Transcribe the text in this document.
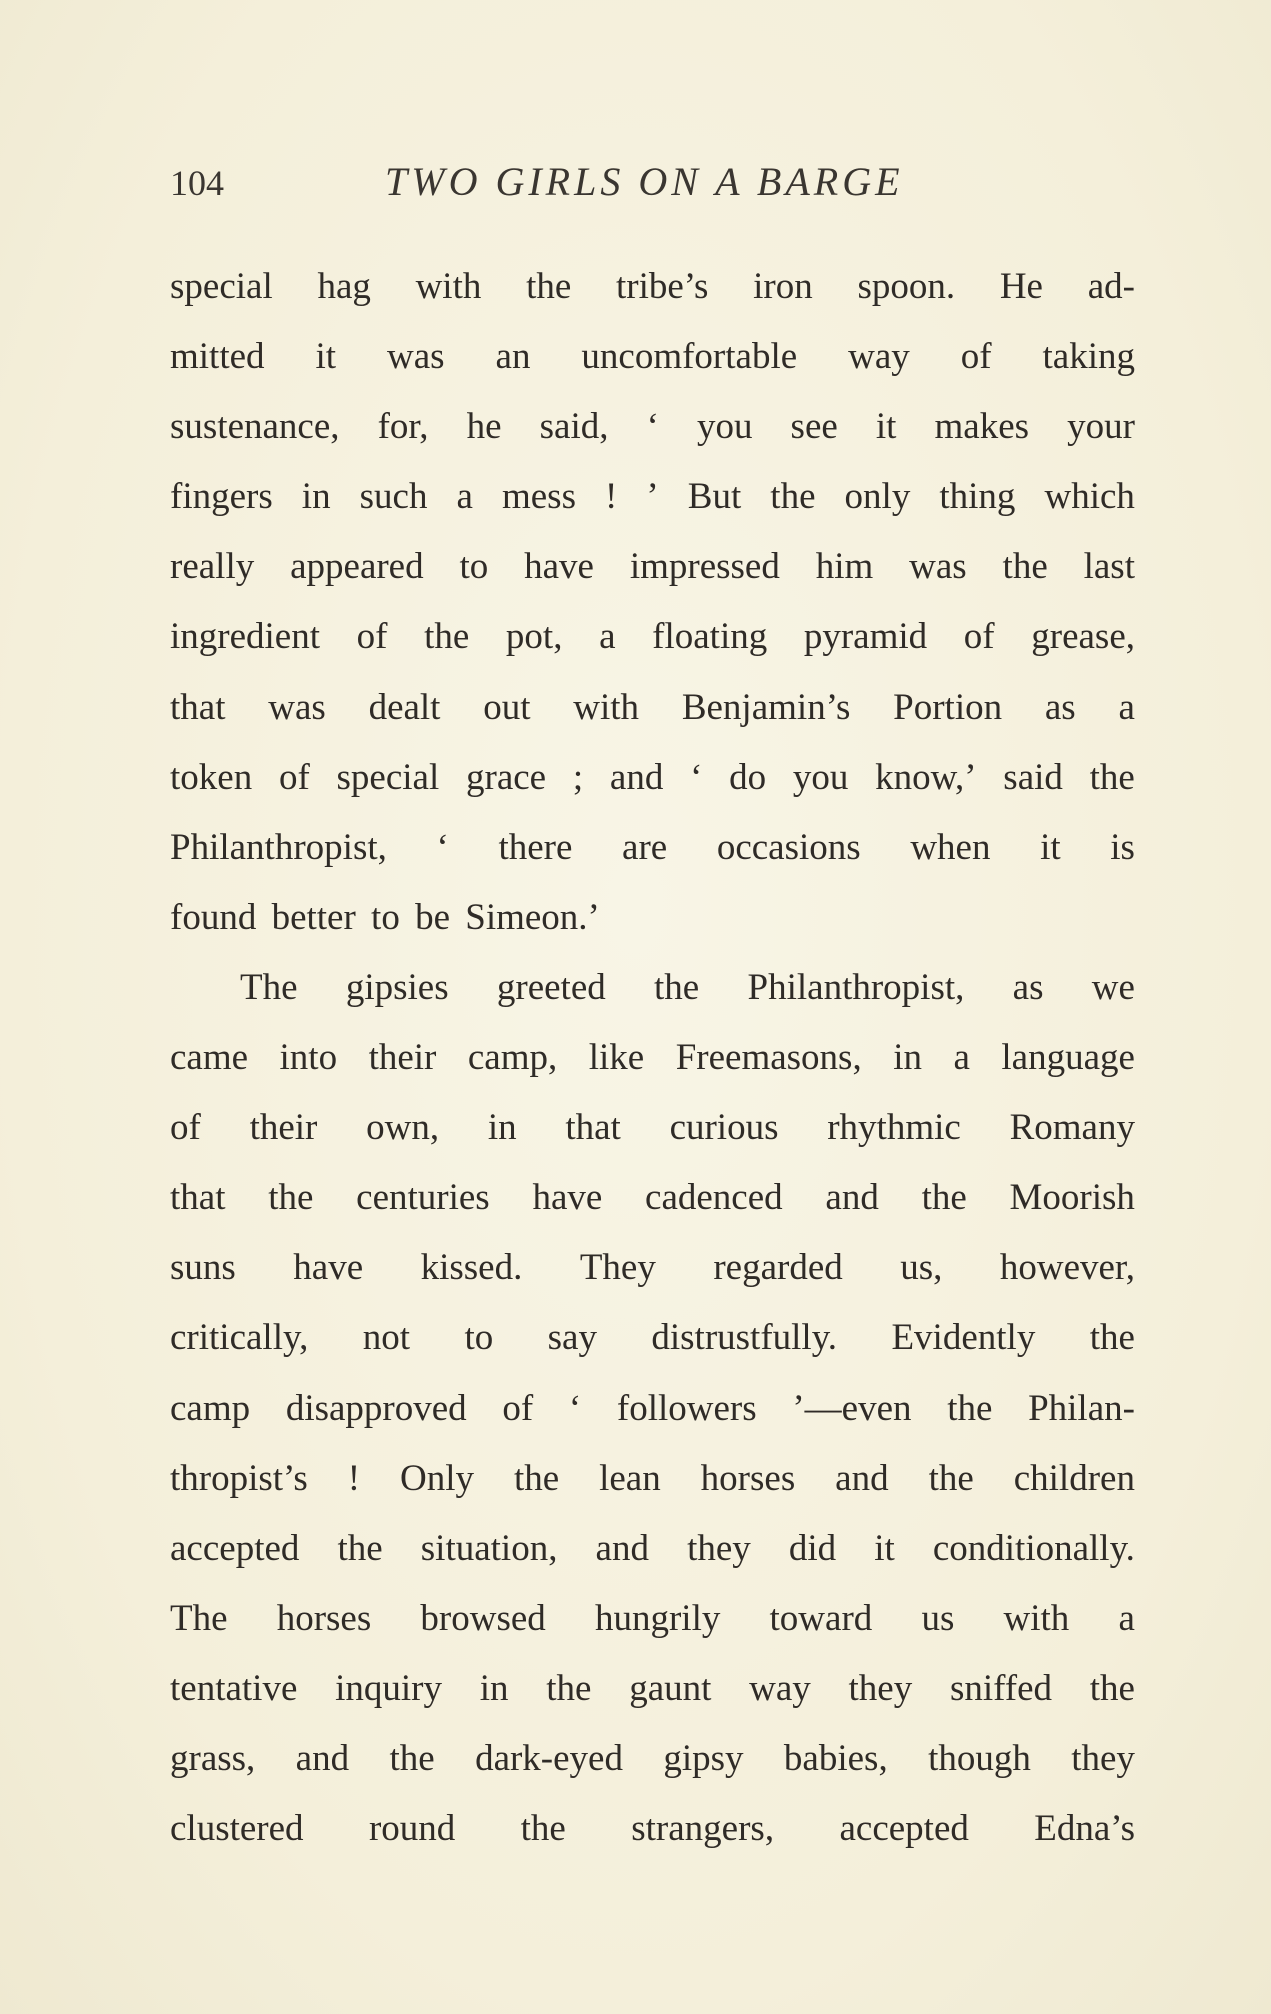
104	TWO GIRLS ON A BARGE
special hag with the tribe’s iron spoon. He ad-
mitted it was an uncomfortable way of taking
sustenance, for, he said, ‘ you see it makes your
fingers in such a mess ! ’ But the only thing which
really appeared to have impressed him was the last
ingredient of the pot, a floating pyramid of grease,
that was dealt out with Benjamin’s Portion as a
token of special grace ; and ‘ do you know,’ said the
Philanthropist, ‘ there are occasions when it is
found better to be Simeon.’
The gipsies greeted the Philanthropist, as we
came into their camp, like Freemasons, in a language
of their own, in that curious rhythmic Romany
that the centuries have cadenced and the Moorish
suns have kissed. They regarded us, however,
critically, not to say distrustfully. Evidently the
camp disapproved of ‘ followers ’—even the Philan-
thropist’s ! Only the lean horses and the children
accepted the situation, and they did it conditionally.
The horses browsed hungrily toward us with a
tentative inquiry in the gaunt way they sniffed the
grass, and the dark-eyed gipsy babies, though they
clustered round the strangers, accepted Edna’s
